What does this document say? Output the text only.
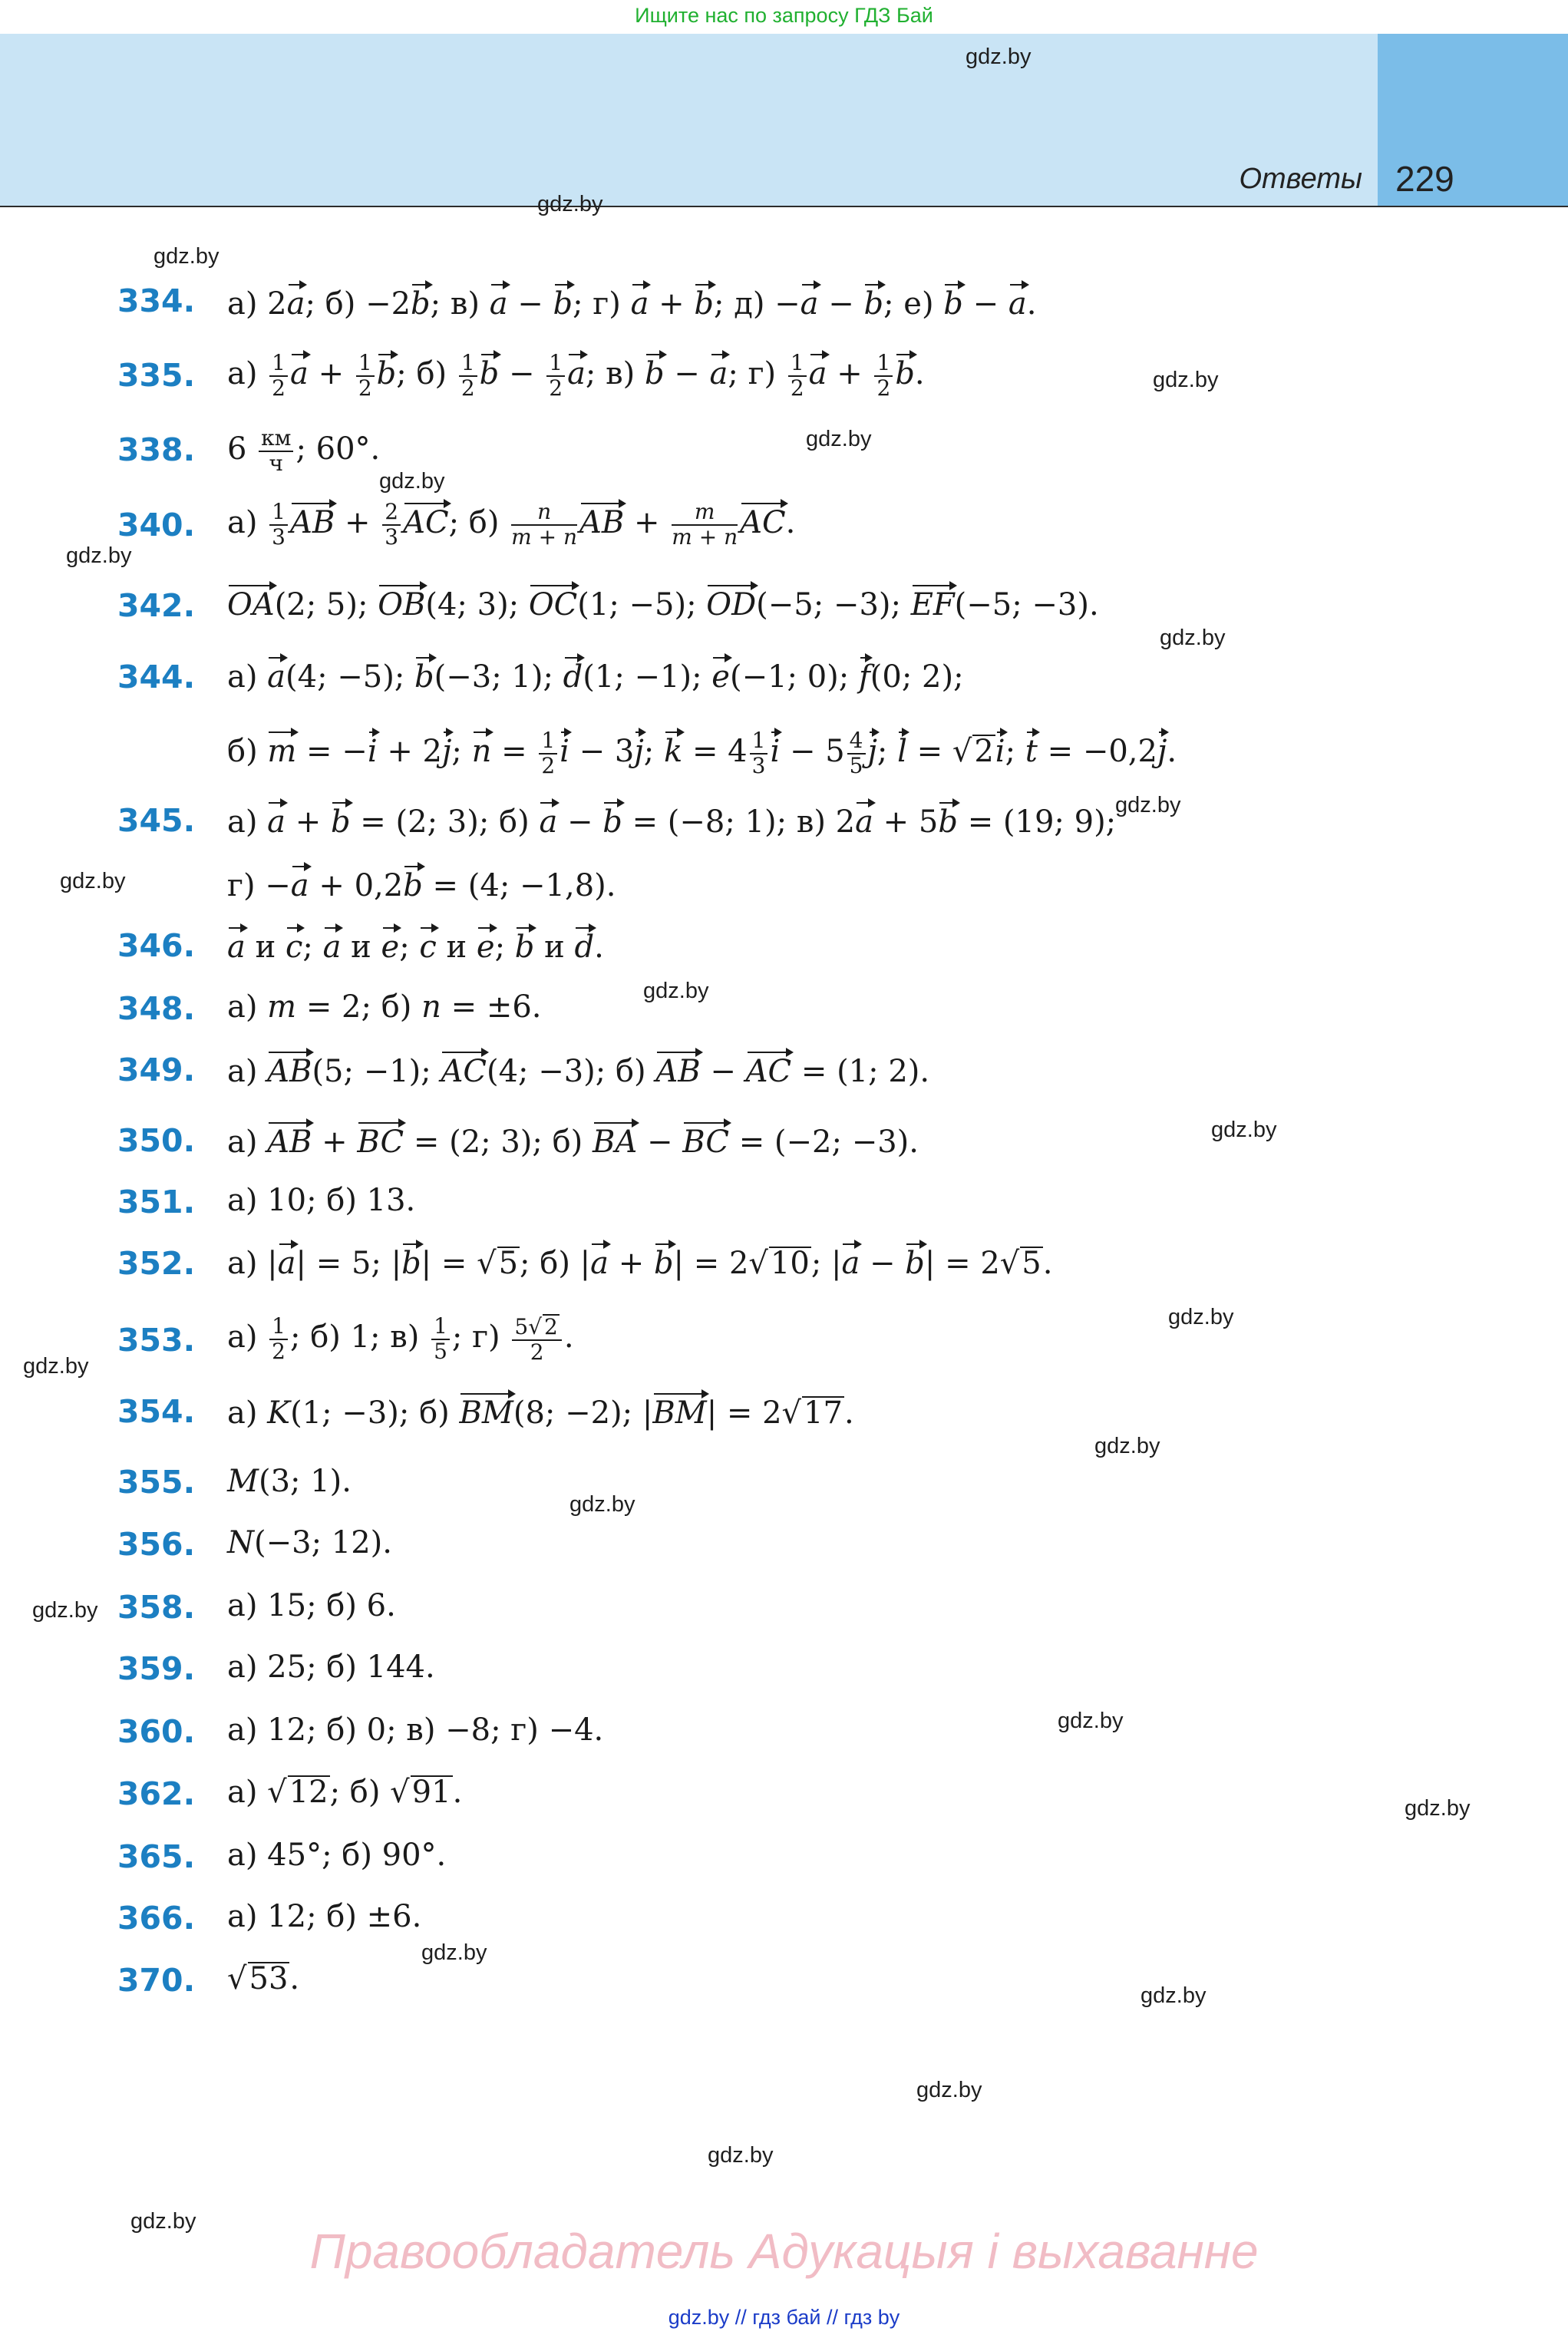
Ищите нас по запросу ГДЗ Бай
Ответы 229
gdz.by
gdz.by
gdz.by
gdz.by
gdz.by
gdz.by
gdz.by
gdz.by
gdz.by
gdz.by
gdz.by
gdz.by
gdz.by
gdz.by
gdz.by
gdz.by
gdz.by
gdz.by
gdz.by
gdz.by
gdz.by
gdz.by
gdz.by
gdz.by
334. а) 2a; б) −2b; в) a − b; г) a + b; д) −a − b; е) b − a.
335. $а) \frac{1}{2}$ $a + \frac{1}{2} b$; $б) \frac{1}{2}$ $b - \frac{1}{2} a$; в) b − a; $г) \frac{1}{2}$ $a + \frac{1}{2} b$.
338. 6 км
ч ; 60°.
340. $а) \frac{1}{3}$ AB + $\frac{2}{3}$ AC; $б) \frac{n}{m + n}$ AB + $\frac{m}{m + n}$ AC.
342. OA(2; 5); OB(4; 3); OC(1; −5); OD(−5; −3); EF(−5; −3).
344. а) a(4; −5); b(−3; 1); d(1; −1); e(−1; 0); f(0; 2);
б) m = −i + 2j; $n = \frac{1}{2}$ i − 3j; $k = 4 \frac{1}{3}$ $i - 5 \frac{4}{5} j$; l = √2i; t = −0,2j.
345. а) a + b = (2; 3); б) a − b = (−8; 1); в) 2a + 5b = (19; 9);
г) −a + 0,2b = (4; −1,8).
346. a и c; a и e; c и e; b и d.
348. а) m = 2; б) n = ±6.
349. а) AB(5; −1); AC(4; −3); б) AB − AC = (1; 2).
350. а) AB + BC = (2; 3); б) BA − BC = (−2; −3).
351. а) 10; б) 13.
352. а) |a| = 5; |b| = √5; б) |a + b| = 2√10; |a − b| = 2√5.
353. $а) \frac{1}{2}$ ; б) 1; $в) \frac{1}{5}$ ; $г) \frac{5√ 2}{2}$ .
354. а) K(1; −3); б) BM(8; −2); |BM| = 2√17.
355. M(3; 1).
356. N(−3; 12).
358. а) 15; б) 6.
359. а) 25; б) 144.
360. а) 12; б) 0; в) −8; г) −4.
362. а) √12; б) √91.
365. а) 45°; б) 90°.
366. а) 12; б) ±6.
370. √53.
Правообладатель Адукацыя і выхаванне
gdz.by // гдз бай // гдз by
